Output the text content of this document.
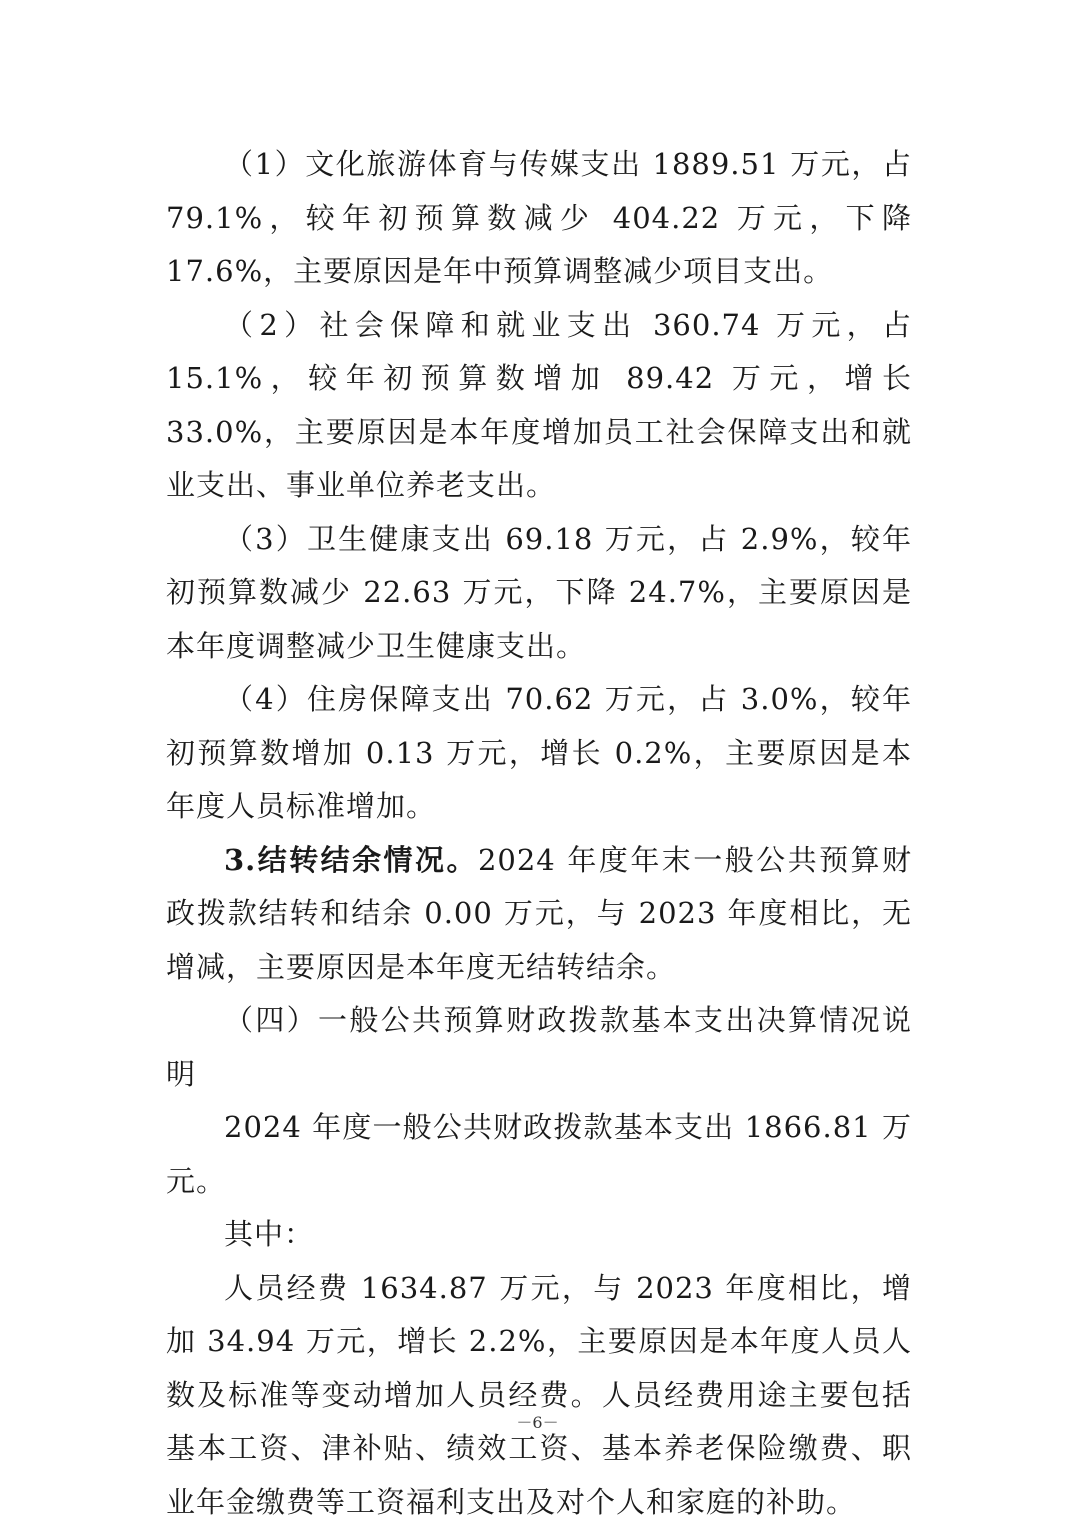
（1）文化旅游体育与传媒支出 1889.51 万元，占 79.1%，较年初预算数减少 404.22 万元，下降 17.6%，主要原因是年中预算调整减少项目支出。

（2）社会保障和就业支出 360.74 万元，占 15.1%，较年初预算数增加 89.42 万元，增长 33.0%，主要原因是本年度增加员工社会保障支出和就业支出、事业单位养老支出。

（3）卫生健康支出 69.18 万元，占 2.9%，较年初预算数减少 22.63 万元，下降 24.7%，主要原因是本年度调整减少卫生健康支出。

（4）住房保障支出 70.62 万元，占 3.0%，较年初预算数增加 0.13 万元，增长 0.2%，主要原因是本年度人员标准增加。

3.结转结余情况。2024 年度年末一般公共预算财政拨款结转和结余 0.00 万元，与 2023 年度相比，无增减，主要原因是本年度无结转结余。

（四）一般公共预算财政拨款基本支出决算情况说明

2024 年度一般公共财政拨款基本支出 1866.81 万元。

其中：

人员经费 1634.87 万元，与 2023 年度相比，增加 34.94 万元，增长 2.2%，主要原因是本年度人员人数及标准等变动增加人员经费。人员经费用途主要包括基本工资、津补贴、绩效工资、基本养老保险缴费、职业年金缴费等工资福利支出及对个人和家庭的补助。

－6－
